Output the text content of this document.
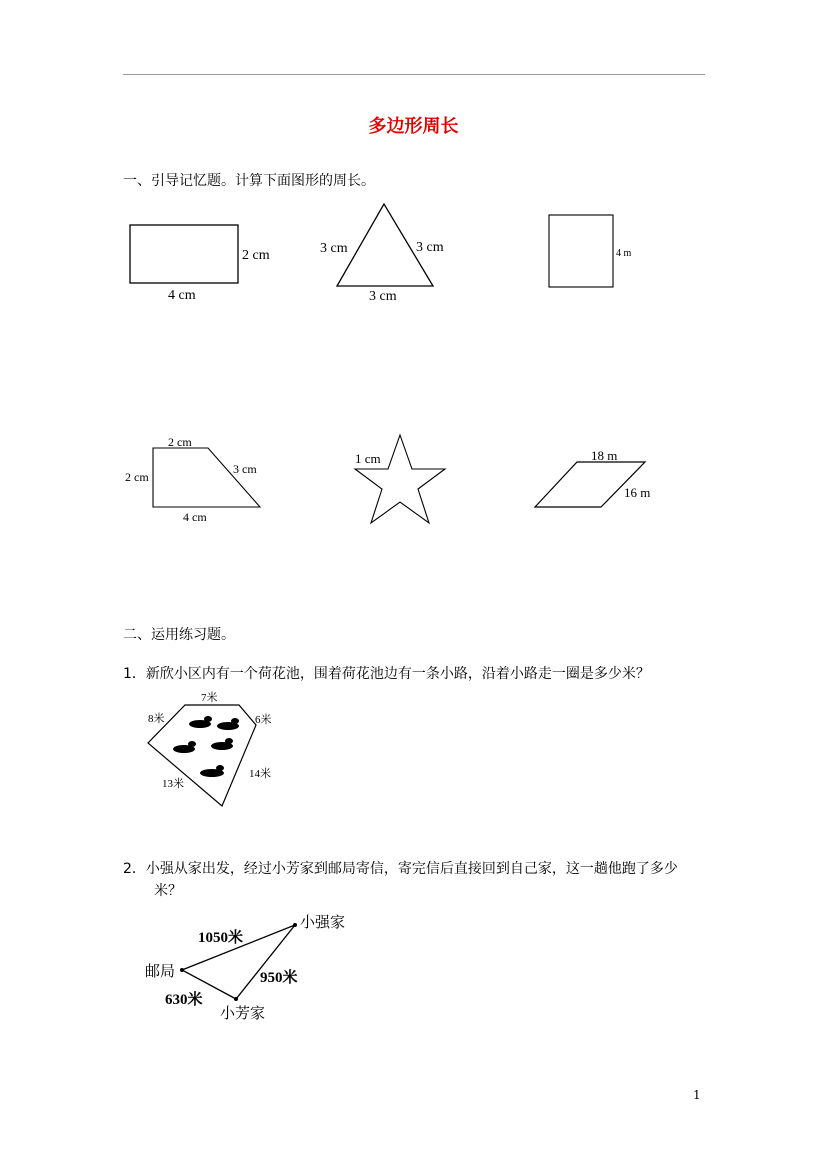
多边形周长
一、引导记忆题。计算下面图形的周长。
2 cm
4 cm
3 cm	3 cm
3 cm
4 m
2 cm
2 cm
3 cm
4 cm
1 cm	18 m
16 m
二、运用练习题。
1．新欣小区内有一个荷花池，围着荷花池边有一条小路，沿着小路走一圈是多少米？
7米
8米	6米
13米
14米
2．小强从家出发，经过小芳家到邮局寄信，寄完信后直接回到自己家，这一趟他跑了多少
米？
1050米
950米
630米
小强家
邮局
小芳家
1
